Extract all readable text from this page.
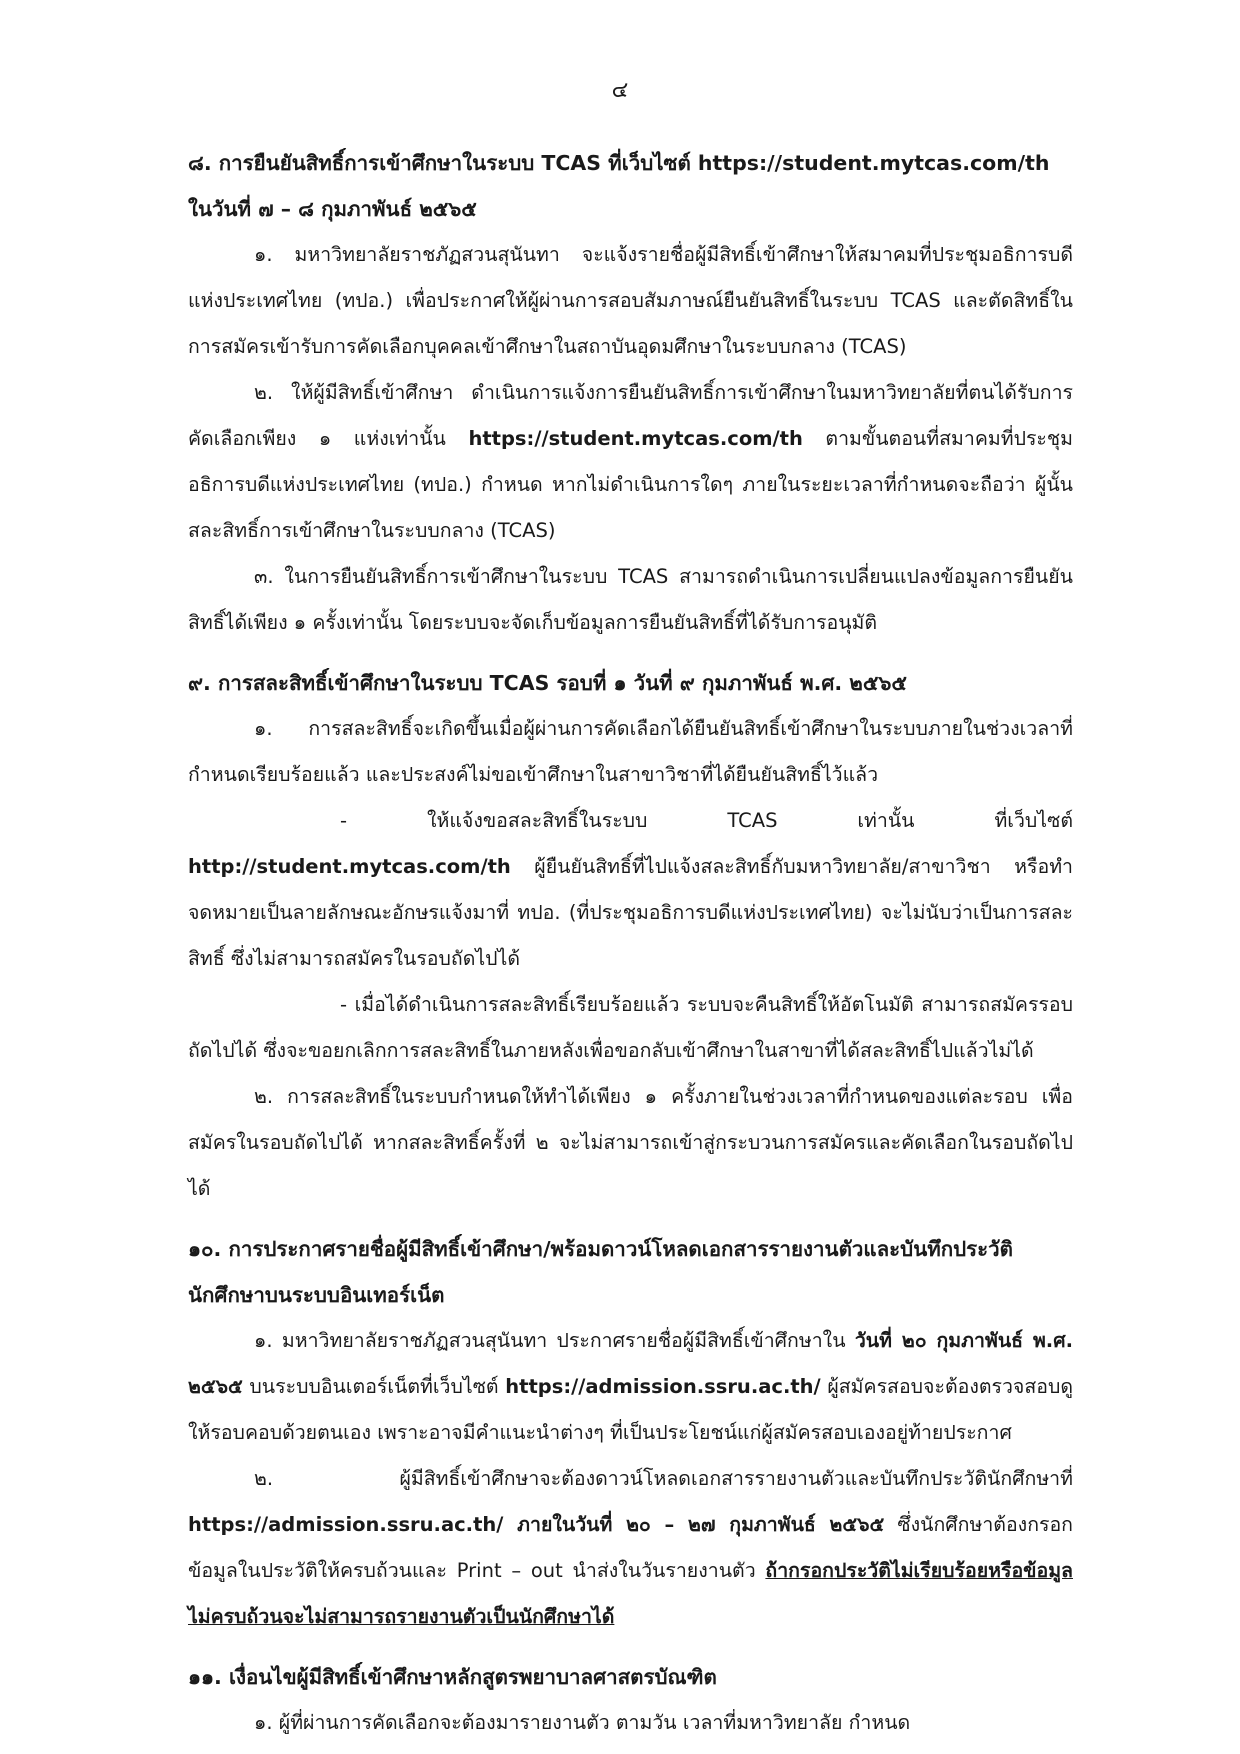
๔

๘. การยืนยันสิทธิ์การเข้าศึกษาในระบบ TCAS ที่เว็บไซต์ https://student.mytcas.com/th ในวันที่ ๗ – ๘ กุมภาพันธ์ ๒๕๖๕

๑. มหาวิทยาลัยราชภัฏสวนสุนันทา จะแจ้งรายชื่อผู้มีสิทธิ์เข้าศึกษาให้สมาคมที่ประชุมอธิการบดีแห่งประเทศไทย (ทปอ.) เพื่อประกาศให้ผู้ผ่านการสอบสัมภาษณ์ยืนยันสิทธิ์ในระบบ TCAS และตัดสิทธิ์ในการสมัครเข้ารับการคัดเลือกบุคคลเข้าศึกษาในสถาบันอุดมศึกษาในระบบกลาง (TCAS)

๒. ให้ผู้มีสิทธิ์เข้าศึกษา ดำเนินการแจ้งการยืนยันสิทธิ์การเข้าศึกษาในมหาวิทยาลัยที่ตนได้รับการคัดเลือกเพียง ๑ แห่งเท่านั้น https://student.mytcas.com/th ตามขั้นตอนที่สมาคมที่ประชุมอธิการบดีแห่งประเทศไทย (ทปอ.) กำหนด หากไม่ดำเนินการใดๆ ภายในระยะเวลาที่กำหนดจะถือว่า ผู้นั้นสละสิทธิ์การเข้าศึกษาในระบบกลาง (TCAS)

๓. ในการยืนยันสิทธิ์การเข้าศึกษาในระบบ TCAS สามารถดำเนินการเปลี่ยนแปลงข้อมูลการยืนยันสิทธิ์ได้เพียง ๑ ครั้งเท่านั้น โดยระบบจะจัดเก็บข้อมูลการยืนยันสิทธิ์ที่ได้รับการอนุมัติ

๙. การสละสิทธิ์เข้าศึกษาในระบบ TCAS รอบที่ ๑ วันที่ ๙ กุมภาพันธ์ พ.ศ. ๒๕๖๕

๑. การสละสิทธิ์จะเกิดขึ้นเมื่อผู้ผ่านการคัดเลือกได้ยืนยันสิทธิ์เข้าศึกษาในระบบภายในช่วงเวลาที่กำหนดเรียบร้อยแล้ว และประสงค์ไม่ขอเข้าศึกษาในสาขาวิชาที่ได้ยืนยันสิทธิ์ไว้แล้ว

- ให้แจ้งขอสละสิทธิ์ในระบบ TCAS เท่านั้น ที่เว็บไซต์ http://student.mytcas.com/th ผู้ยืนยันสิทธิ์ที่ไปแจ้งสละสิทธิ์กับมหาวิทยาลัย/สาขาวิชา หรือทำจดหมายเป็นลายลักษณะอักษรแจ้งมาที่ ทปอ. (ที่ประชุมอธิการบดีแห่งประเทศไทย) จะไม่นับว่าเป็นการสละสิทธิ์ ซึ่งไม่สามารถสมัครในรอบถัดไปได้

- เมื่อได้ดำเนินการสละสิทธิ์เรียบร้อยแล้ว ระบบจะคืนสิทธิ์ให้อัตโนมัติ สามารถสมัครรอบถัดไปได้ ซึ่งจะขอยกเลิกการสละสิทธิ์ในภายหลังเพื่อขอกลับเข้าศึกษาในสาขาที่ได้สละสิทธิ์ไปแล้วไม่ได้

๒. การสละสิทธิ์ในระบบกำหนดให้ทำได้เพียง ๑ ครั้งภายในช่วงเวลาที่กำหนดของแต่ละรอบ เพื่อสมัครในรอบถัดไปได้ หากสละสิทธิ์ครั้งที่ ๒ จะไม่สามารถเข้าสู่กระบวนการสมัครและคัดเลือกในรอบถัดไปได้

๑๐. การประกาศรายชื่อผู้มีสิทธิ์เข้าศึกษา/พร้อมดาวน์โหลดเอกสารรายงานตัวและบันทึกประวัตินักศึกษาบนระบบอินเทอร์เน็ต

๑. มหาวิทยาลัยราชภัฏสวนสุนันทา ประกาศรายชื่อผู้มีสิทธิ์เข้าศึกษาใน วันที่ ๒๐ กุมภาพันธ์ พ.ศ. ๒๕๖๕ บนระบบอินเตอร์เน็ตที่เว็บไซต์ https://admission.ssru.ac.th/ ผู้สมัครสอบจะต้องตรวจสอบดูให้รอบคอบด้วยตนเอง เพราะอาจมีคำแนะนำต่างๆ ที่เป็นประโยชน์แก่ผู้สมัครสอบเองอยู่ท้ายประกาศ

๒. ผู้มีสิทธิ์เข้าศึกษาจะต้องดาวน์โหลดเอกสารรายงานตัวและบันทึกประวัตินักศึกษาที่ https://admission.ssru.ac.th/ ภายในวันที่ ๒๐ – ๒๗ กุมภาพันธ์ ๒๕๖๕ ซึ่งนักศึกษาต้องกรอกข้อมูลในประวัติให้ครบถ้วนและ Print – out นำส่งในวันรายงานตัว ถ้ากรอกประวัติไม่เรียบร้อยหรือข้อมูลไม่ครบถ้วนจะไม่สามารถรายงานตัวเป็นนักศึกษาได้

๑๑. เงื่อนไขผู้มีสิทธิ์เข้าศึกษาหลักสูตรพยาบาลศาสตรบัณฑิต

๑. ผู้ที่ผ่านการคัดเลือกจะต้องมารายงานตัว ตามวัน เวลาที่มหาวิทยาลัย กำหนด
